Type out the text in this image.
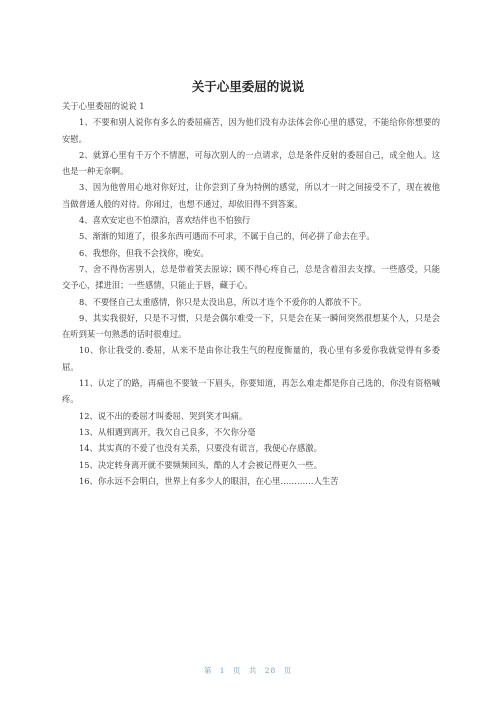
关于心里委屈的说说

关于心里委屈的说说 1

1、不要和别人说你有多么的委屈痛苦，因为他们没有办法体会你心里的感觉，不能给你你想要的安慰。

2、就算心里有千万个不情愿，可每次别人的一点请求，总是条件反射的委屈自己，成全他人。这也是一种无奈啊。

3、因为他曾用心地对你好过，让你尝到了身为特例的感觉，所以才一时之间接受不了，现在被他当做普通人般的对待。你闹过，也想不通过，却依旧得不到答案。

4、喜欢安定也不怕漂泊，喜欢结伴也不怕独行

5、渐渐的知道了，很多东西可遇而不可求，不属于自己的，何必拼了命去在乎。

6、我想你，但我不会找你，晚安。

7、舍不得伤害别人，总是带着笑去原谅；顾不得心疼自己，总是含着泪去支撑。一些感受，只能交予心，揉进泪；一些感情，只能止于唇，藏于心。

8、不要怪自己太重感情，你只是太没出息，所以才连个不爱你的人都放不下。

9、其实我很好，只是不习惯，只是会偶尔难受一下，只是会在某一瞬间突然很想某个人，只是会在听到某一句熟悉的话时很难过。

10、你让我受的.委屈，从来不是由你让我生气的程度衡量的，我心里有多爱你我就觉得有多委屈。

11、认定了的路，再痛也不要皱一下眉头，你要知道，再怎么难走都是你自己选的，你没有资格喊疼。

12、说不出的委屈才叫委屈、哭到笑才叫痛。

13、从相遇到离开，我欠自己良多，不欠你分毫

14、其实真的不爱了也没有关系，只要没有谎言，我便心存感激。

15、决定转身离开就不要频频回头，酷的人才会被记得更久一些。

16、你永远不会明白，世界上有多少人的眼泪，在心里…………人生苦

第 1 页 共 28 页
